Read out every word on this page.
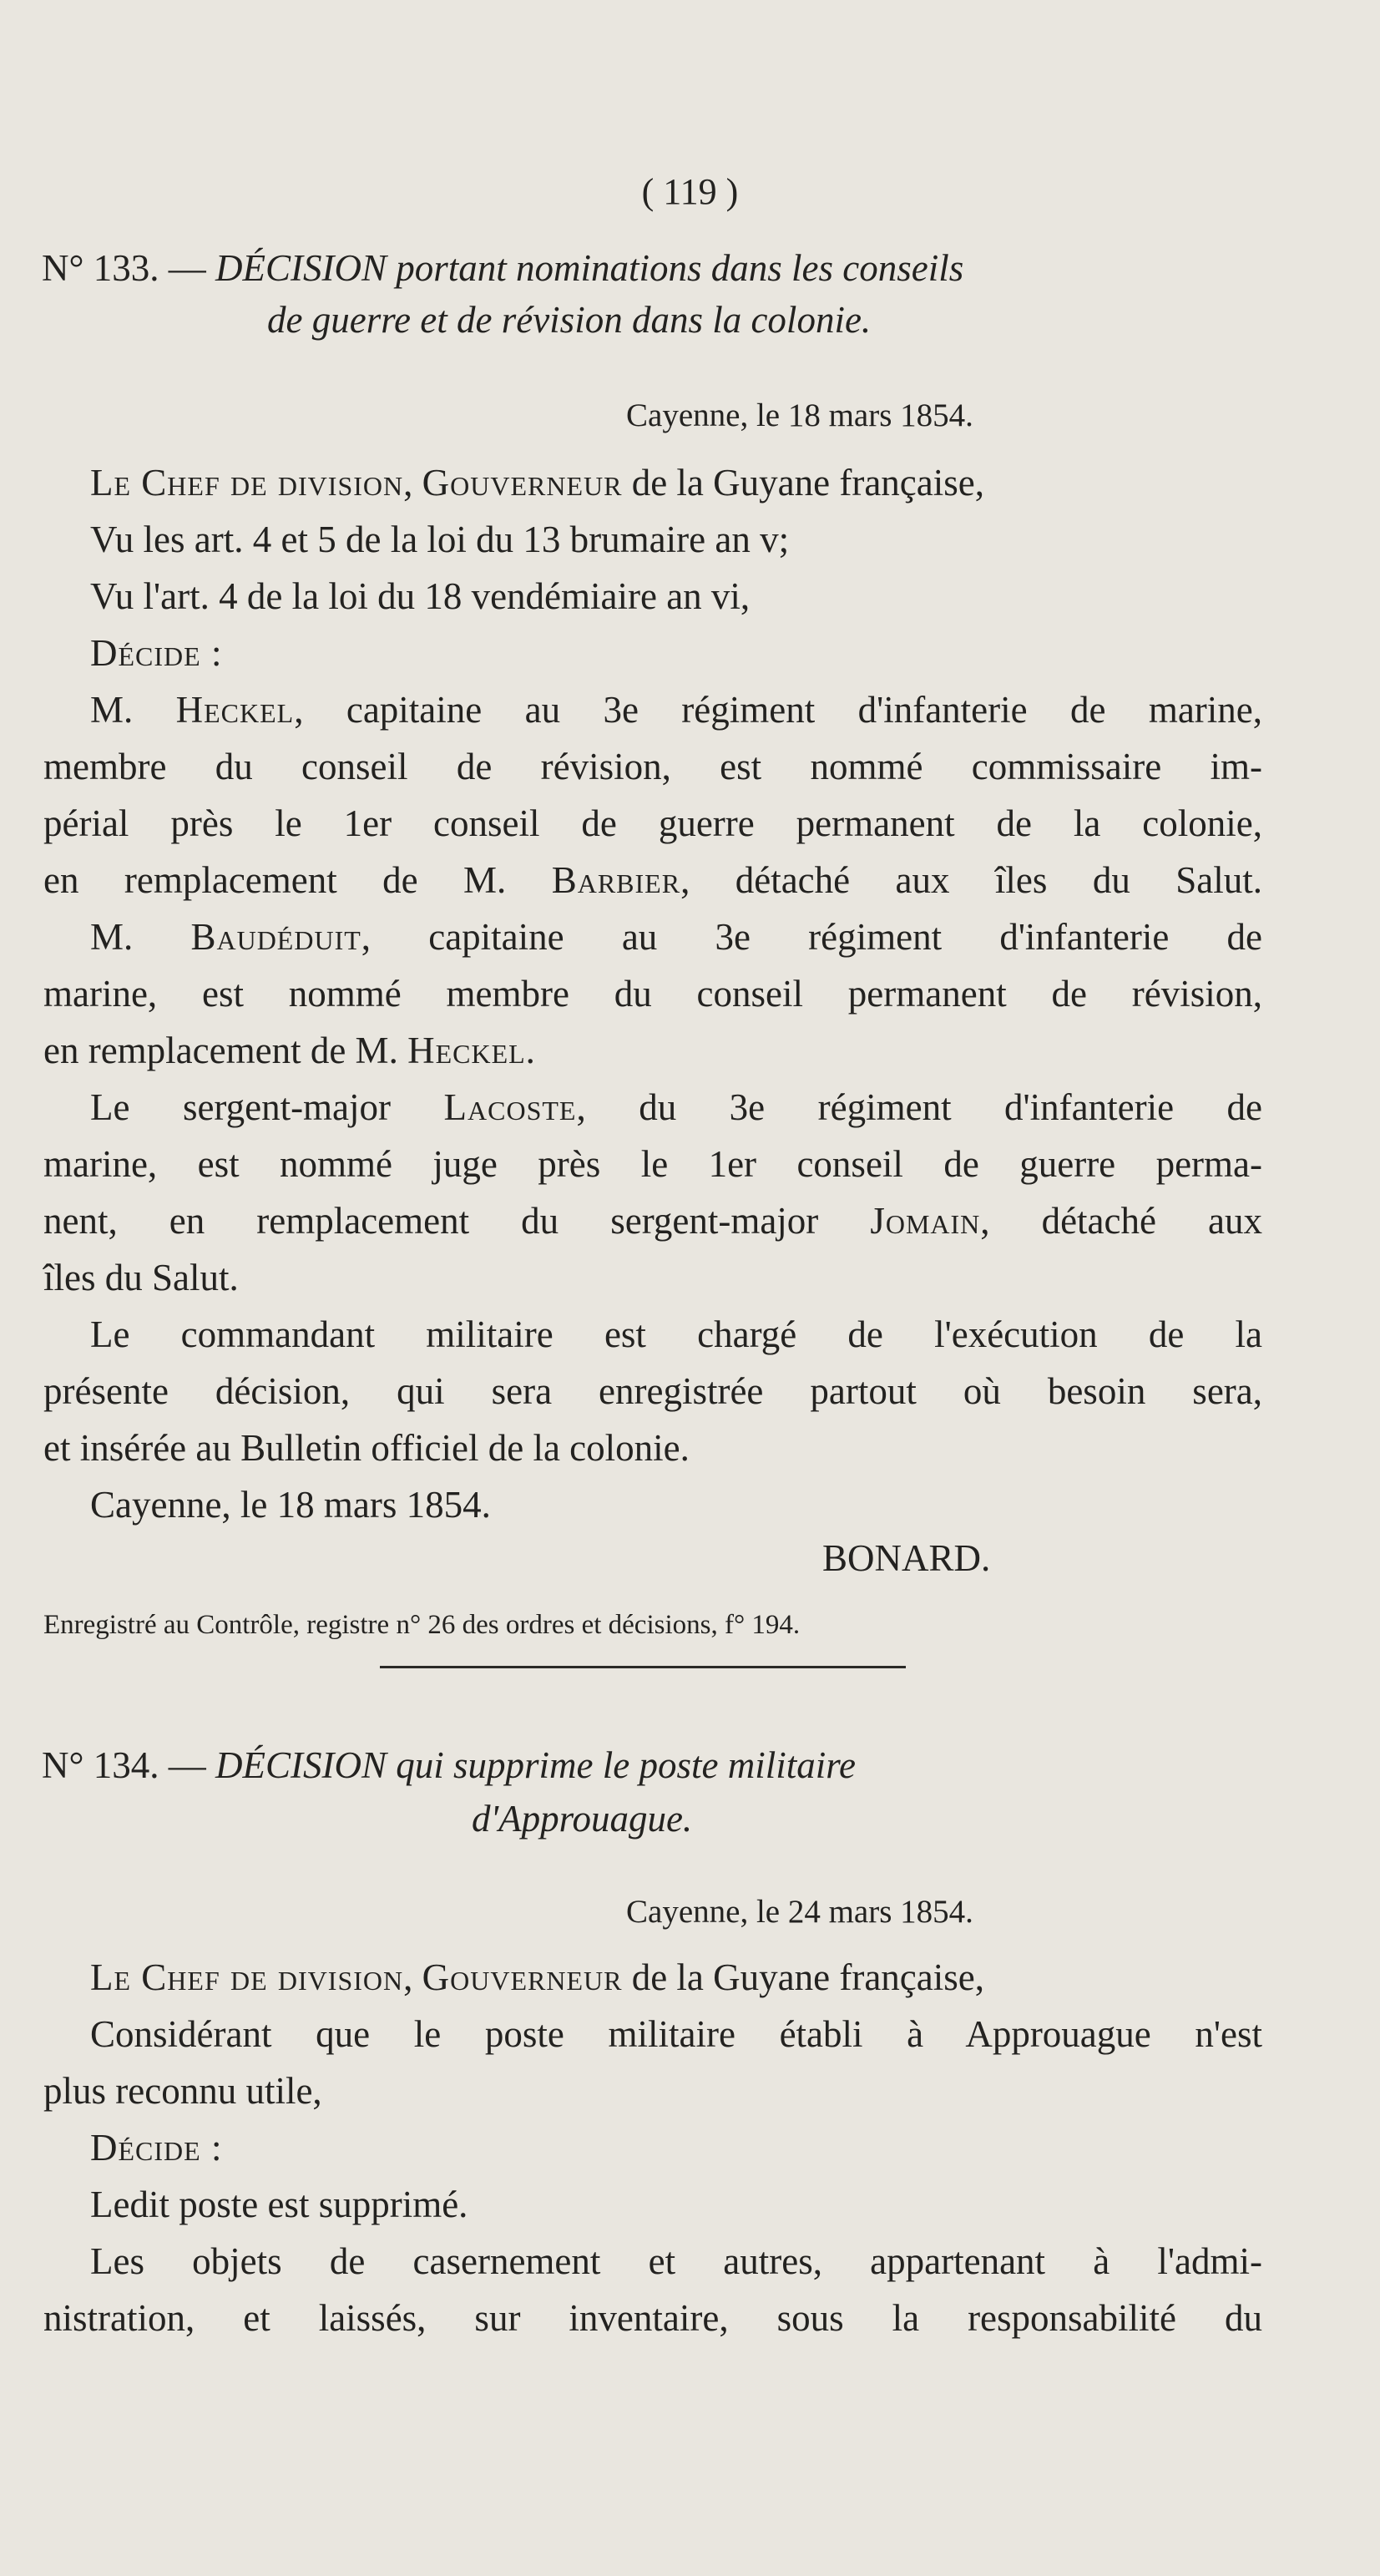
( 119 )
N° 133. — DÉCISION portant nominations dans les conseils
de guerre et de révision dans la colonie.
Cayenne, le 18 mars 1854.
Le Chef de division, Gouverneur de la Guyane française,
Vu les art. 4 et 5 de la loi du 13 brumaire an v;
Vu l'art. 4 de la loi du 18 vendémiaire an vi,
Décide :
M. Heckel, capitaine au 3e régiment d'infanterie de marine,
membre du conseil de révision, est nommé commissaire im-
périal près le 1er conseil de guerre permanent de la colonie,
en remplacement de M. Barbier, détaché aux îles du Salut.
M. Baudéduit, capitaine au 3e régiment d'infanterie de
marine, est nommé membre du conseil permanent de révision,
en remplacement de M. Heckel.
Le sergent-major Lacoste, du 3e régiment d'infanterie de
marine, est nommé juge près le 1er conseil de guerre perma-
nent, en remplacement du sergent-major Jomain, détaché aux
îles du Salut.
Le commandant militaire est chargé de l'exécution de la
présente décision, qui sera enregistrée partout où besoin sera,
et insérée au Bulletin officiel de la colonie.
Cayenne, le 18 mars 1854.
BONARD.
Enregistré au Contrôle, registre n° 26 des ordres et décisions, f° 194.
N° 134. — DÉCISION qui supprime le poste militaire
d'Approuague.
Cayenne, le 24 mars 1854.
Le Chef de division, Gouverneur de la Guyane française,
Considérant que le poste militaire établi à Approuague n'est
plus reconnu utile,
Décide :
Ledit poste est supprimé.
Les objets de casernement et autres, appartenant à l'admi-
nistration, et laissés, sur inventaire, sous la responsabilité du
